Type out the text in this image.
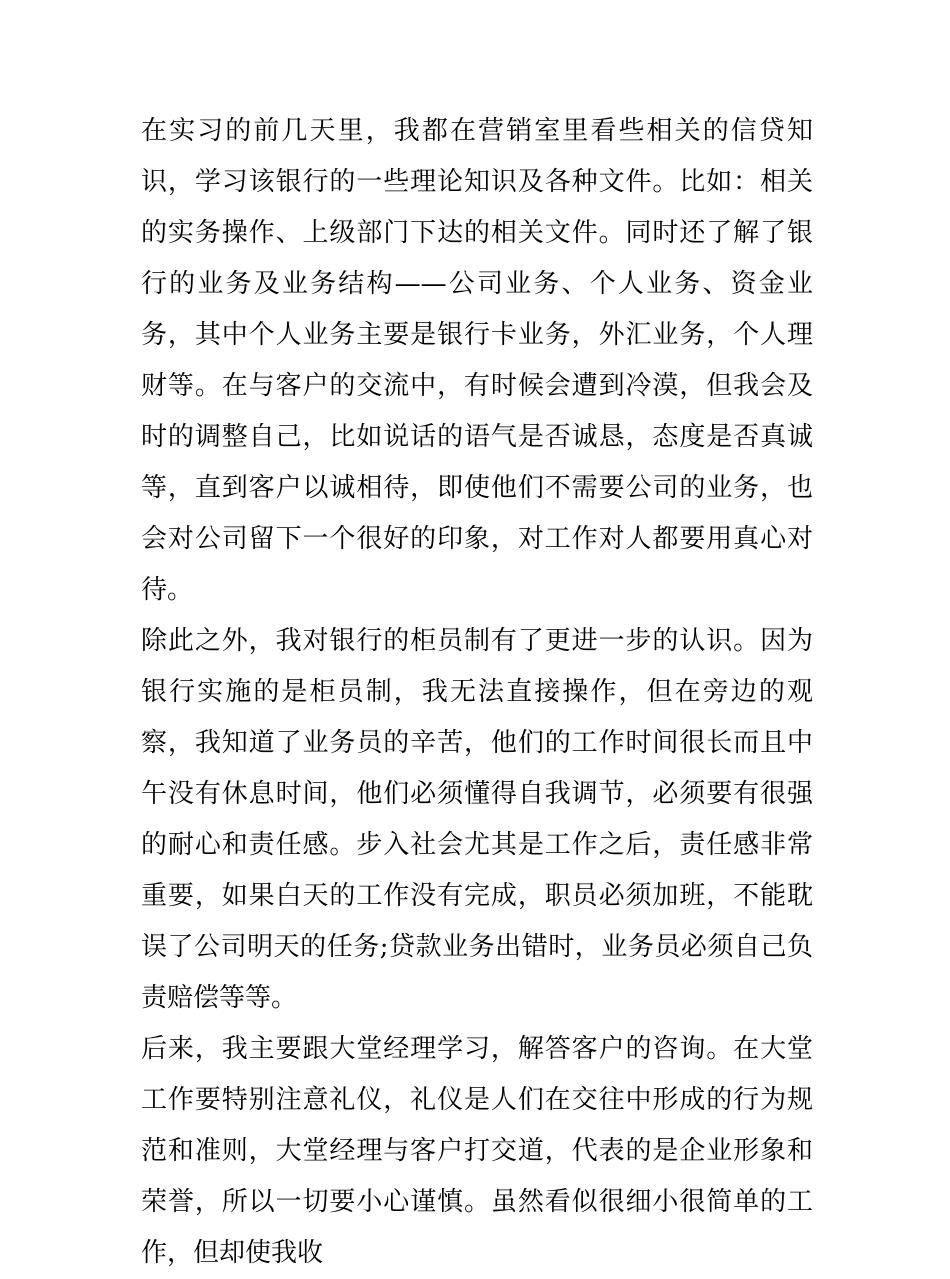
在实习的前几天里，我都在营销室里看些相关的信贷知识，学习该银行的一些理论知识及各种文件。比如：相关的实务操作、上级部门下达的相关文件。同时还了解了银行的业务及业务结构——公司业务、个人业务、资金业务，其中个人业务主要是银行卡业务，外汇业务，个人理财等。在与客户的交流中，有时候会遭到冷漠，但我会及时的调整自己，比如说话的语气是否诚恳，态度是否真诚等，直到客户以诚相待，即使他们不需要公司的业务，也会对公司留下一个很好的印象，对工作对人都要用真心对待。

除此之外，我对银行的柜员制有了更进一步的认识。因为银行实施的是柜员制，我无法直接操作，但在旁边的观察，我知道了业务员的辛苦，他们的工作时间很长而且中午没有休息时间，他们必须懂得自我调节，必须要有很强的耐心和责任感。步入社会尤其是工作之后，责任感非常重要，如果白天的工作没有完成，职员必须加班，不能耽误了公司明天的任务;贷款业务出错时，业务员必须自己负责赔偿等等。

后来，我主要跟大堂经理学习，解答客户的咨询。在大堂工作要特别注意礼仪，礼仪是人们在交往中形成的行为规范和准则，大堂经理与客户打交道，代表的是企业形象和荣誉，所以一切要小心谨慎。虽然看似很细小很简单的工作，但却使我收
